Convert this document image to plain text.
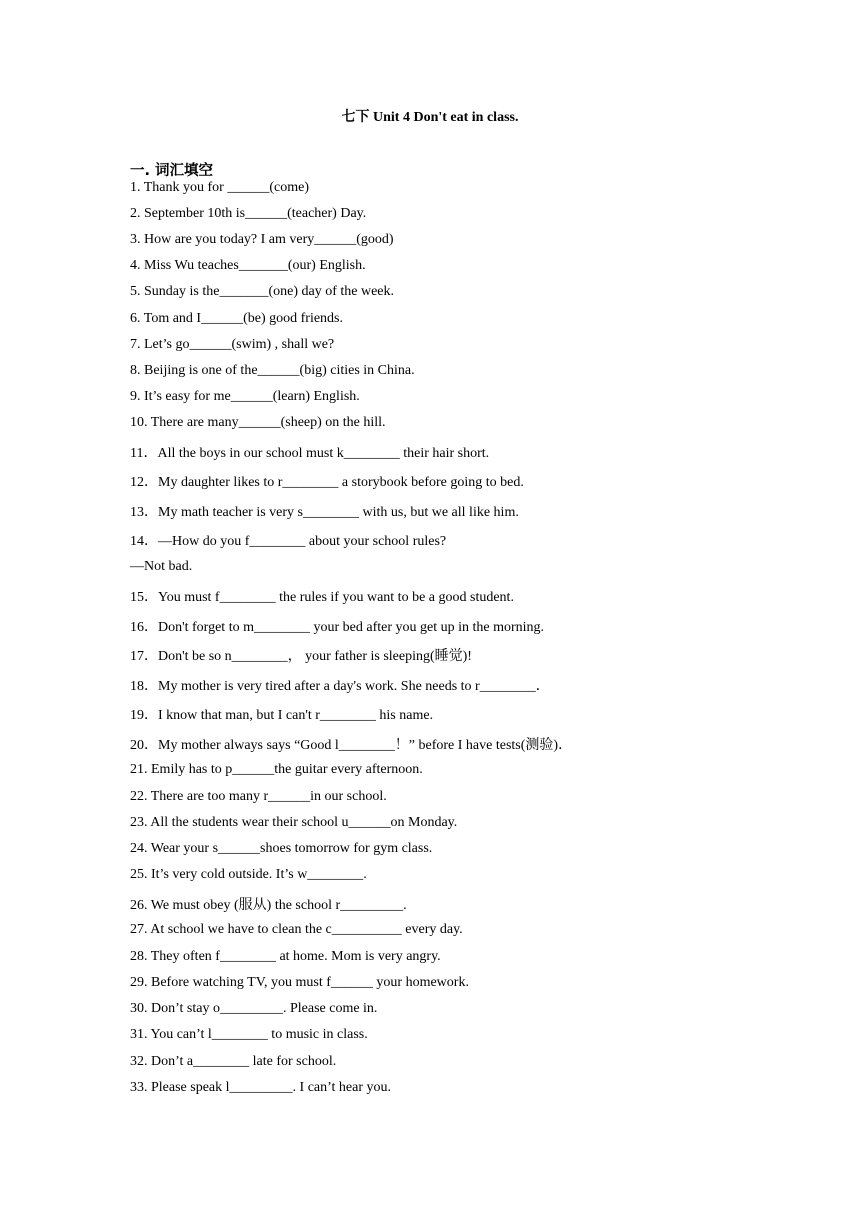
七下 Unit 4 Don't eat in class.
一. 词汇填空
1. Thank you for ______(come)
2. September 10th is______(teacher) Day.
3. How are you today? I am very______(good)
4. Miss Wu teaches_______(our) English.
5. Sunday is the_______(one) day of the week.
6. Tom and I______(be) good friends.
7. Let’s go______(swim) , shall we?
8. Beijing is one of the______(big) cities in China.
9. It’s easy for me______(learn) English.
10. There are many______(sheep) on the hill.
11．All the boys in our school must k________ their hair short.
12．My daughter likes to r________ a storybook before going to bed.
13．My math teacher is very s________ with us, but we all like him.
14．—How do you f________ about your school rules?
—Not bad.
15．You must f________ the rules if you want to be a good student.
16．Don't forget to m________ your bed after you get up in the morning.
17．Don't be so n________， your father is sleeping(睡觉)!
18．My mother is very tired after a day's work. She needs to r________．
19．I know that man, but I can't r________ his name.
20．My mother always says “Good l________！” before I have tests(测验)．
21. Emily has to p______the guitar every afternoon.
22. There are too many r______in our school.
23. All the students wear their school u______on Monday.
24. Wear your s______shoes tomorrow for gym class.
25. It’s very cold outside. It’s w________.
26. We must obey (服从) the school r_________.
27. At school we have to clean the c__________ every day.
28. They often f________ at home. Mom is very angry.
29. Before watching TV, you must f______ your homework.
30. Don’t stay o_________. Please come in.
31. You can’t l________ to music in class.
32. Don’t a________ late for school.
33. Please speak l_________. I can’t hear you.
